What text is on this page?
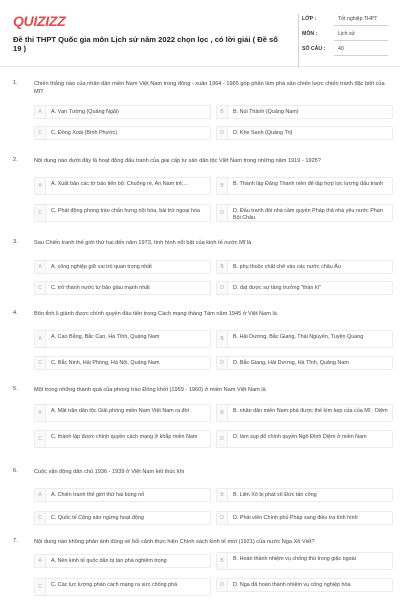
QUIZIZZ
Đề thi THPT Quốc gia môn Lịch sử năm 2022 chọn lọc , có lời giải ( Đề số 19 )
LỚP :	Tốt nghiệp THPT
MÔN :	Lịch sử
SỐ CÂU : 40
1.	Chiến thắng nào của nhân dân miền Nam Việt Nam trong đông - xuân 1964 - 1965 góp phần làm phá sản chiến lược chiến tranh đặc biệt của Mĩ?
A	A. Vạn Tường (Quảng Ngãi)	B	B. Núi Thành (Quảng Nam)
C	C. Đồng Xoài (Bình Phước)	D	D. Khe Sanh (Quảng Trị)
2.	Nội dung nào dưới đây là hoạt động đấu tranh của giai cấp tư sản dân tộc Việt Nam trong những năm 1919 - 1925?
A	A. Xuất bản các tờ báo tiến bộ: Chuông rè, An Nam trẻ,...	B	B. Thành lập Đảng Thanh niên để tập hợp lực lượng đấu tranh
C	C. Phát động phong trào chấn hưng nội hóa, bài trừ ngoại hóa	D	D. Đấu tranh đòi nhà cầm quyền Pháp thả nhà yêu nước Phan Bội Châu
3.	Sau Chiến tranh thế giới thứ hai đến năm 1973, tình hình nổi bật của kinh tế nước Mĩ là
A	A. công nghiệp giữ vai trò quan trọng nhất	B	B. phụ thuộc chặt chẽ vào các nước châu Âu
C	C. trở thành nước tư bản giàu mạnh nhất	D	D. đạt được sự tăng trưởng "thần kì"
4.	Bốn tỉnh lị giành được chính quyền đầu tiên trong Cách mạng tháng Tám năm 1945 ở Việt Nam là
A	A. Cao Bằng, Bắc Cạn, Hà Tĩnh, Quảng Nam	B	B. Hải Dương, Bắc Giang, Thái Nguyên, Tuyên Quang
C	C. Bắc Ninh, Hải Phòng, Hà Nội, Quảng Nam	D	D. Bắc Giang, Hải Dương, Hà Tĩnh, Quảng Nam
5.	Một trong những thành quả của phong trào Đồng khởi (1959 - 1960) ở miền Nam Việt Nam là
A	A. Mặt trận dân tộc Giải phóng miền Nam Việt Nam ra đời	B	B. nhân dân miền Nam phá được thế kìm kẹp của của Mĩ - Diệm
C	C. thành lập được chính quyền cách mạng ở khắp miền Nam	D	D. làm sụp đổ chính quyền Ngô Đình Diệm ở miền Nam
6.	Cuộc vận động dân chủ 1936 - 1939 ở Việt Nam kết thúc khi
A	A. Chiến tranh thế giới thứ hai bùng nổ	B	B. Liên Xô bị phát xít Đức tấn công
C	C. Quốc tế Cộng sản ngừng hoạt động	D	D. Phái viên Chính phủ Pháp sang điều tra tình hình
7.	Nội dung nào không phản ánh đúng về bối cảnh thực hiện Chính sách kinh tế mới (1921) của nước Nga Xô Viết?
A	A. Nền kinh tế quốc dân bị tàn phá nghiêm trọng	B	B. Hoàn thành nhiệm vụ chống thù trong giặc ngoài
C	C. Các lực lượng phản cách mạng ra sức chống phá	D	D. Nga đã hoàn thành nhiệm vụ công nghiệp hóa
